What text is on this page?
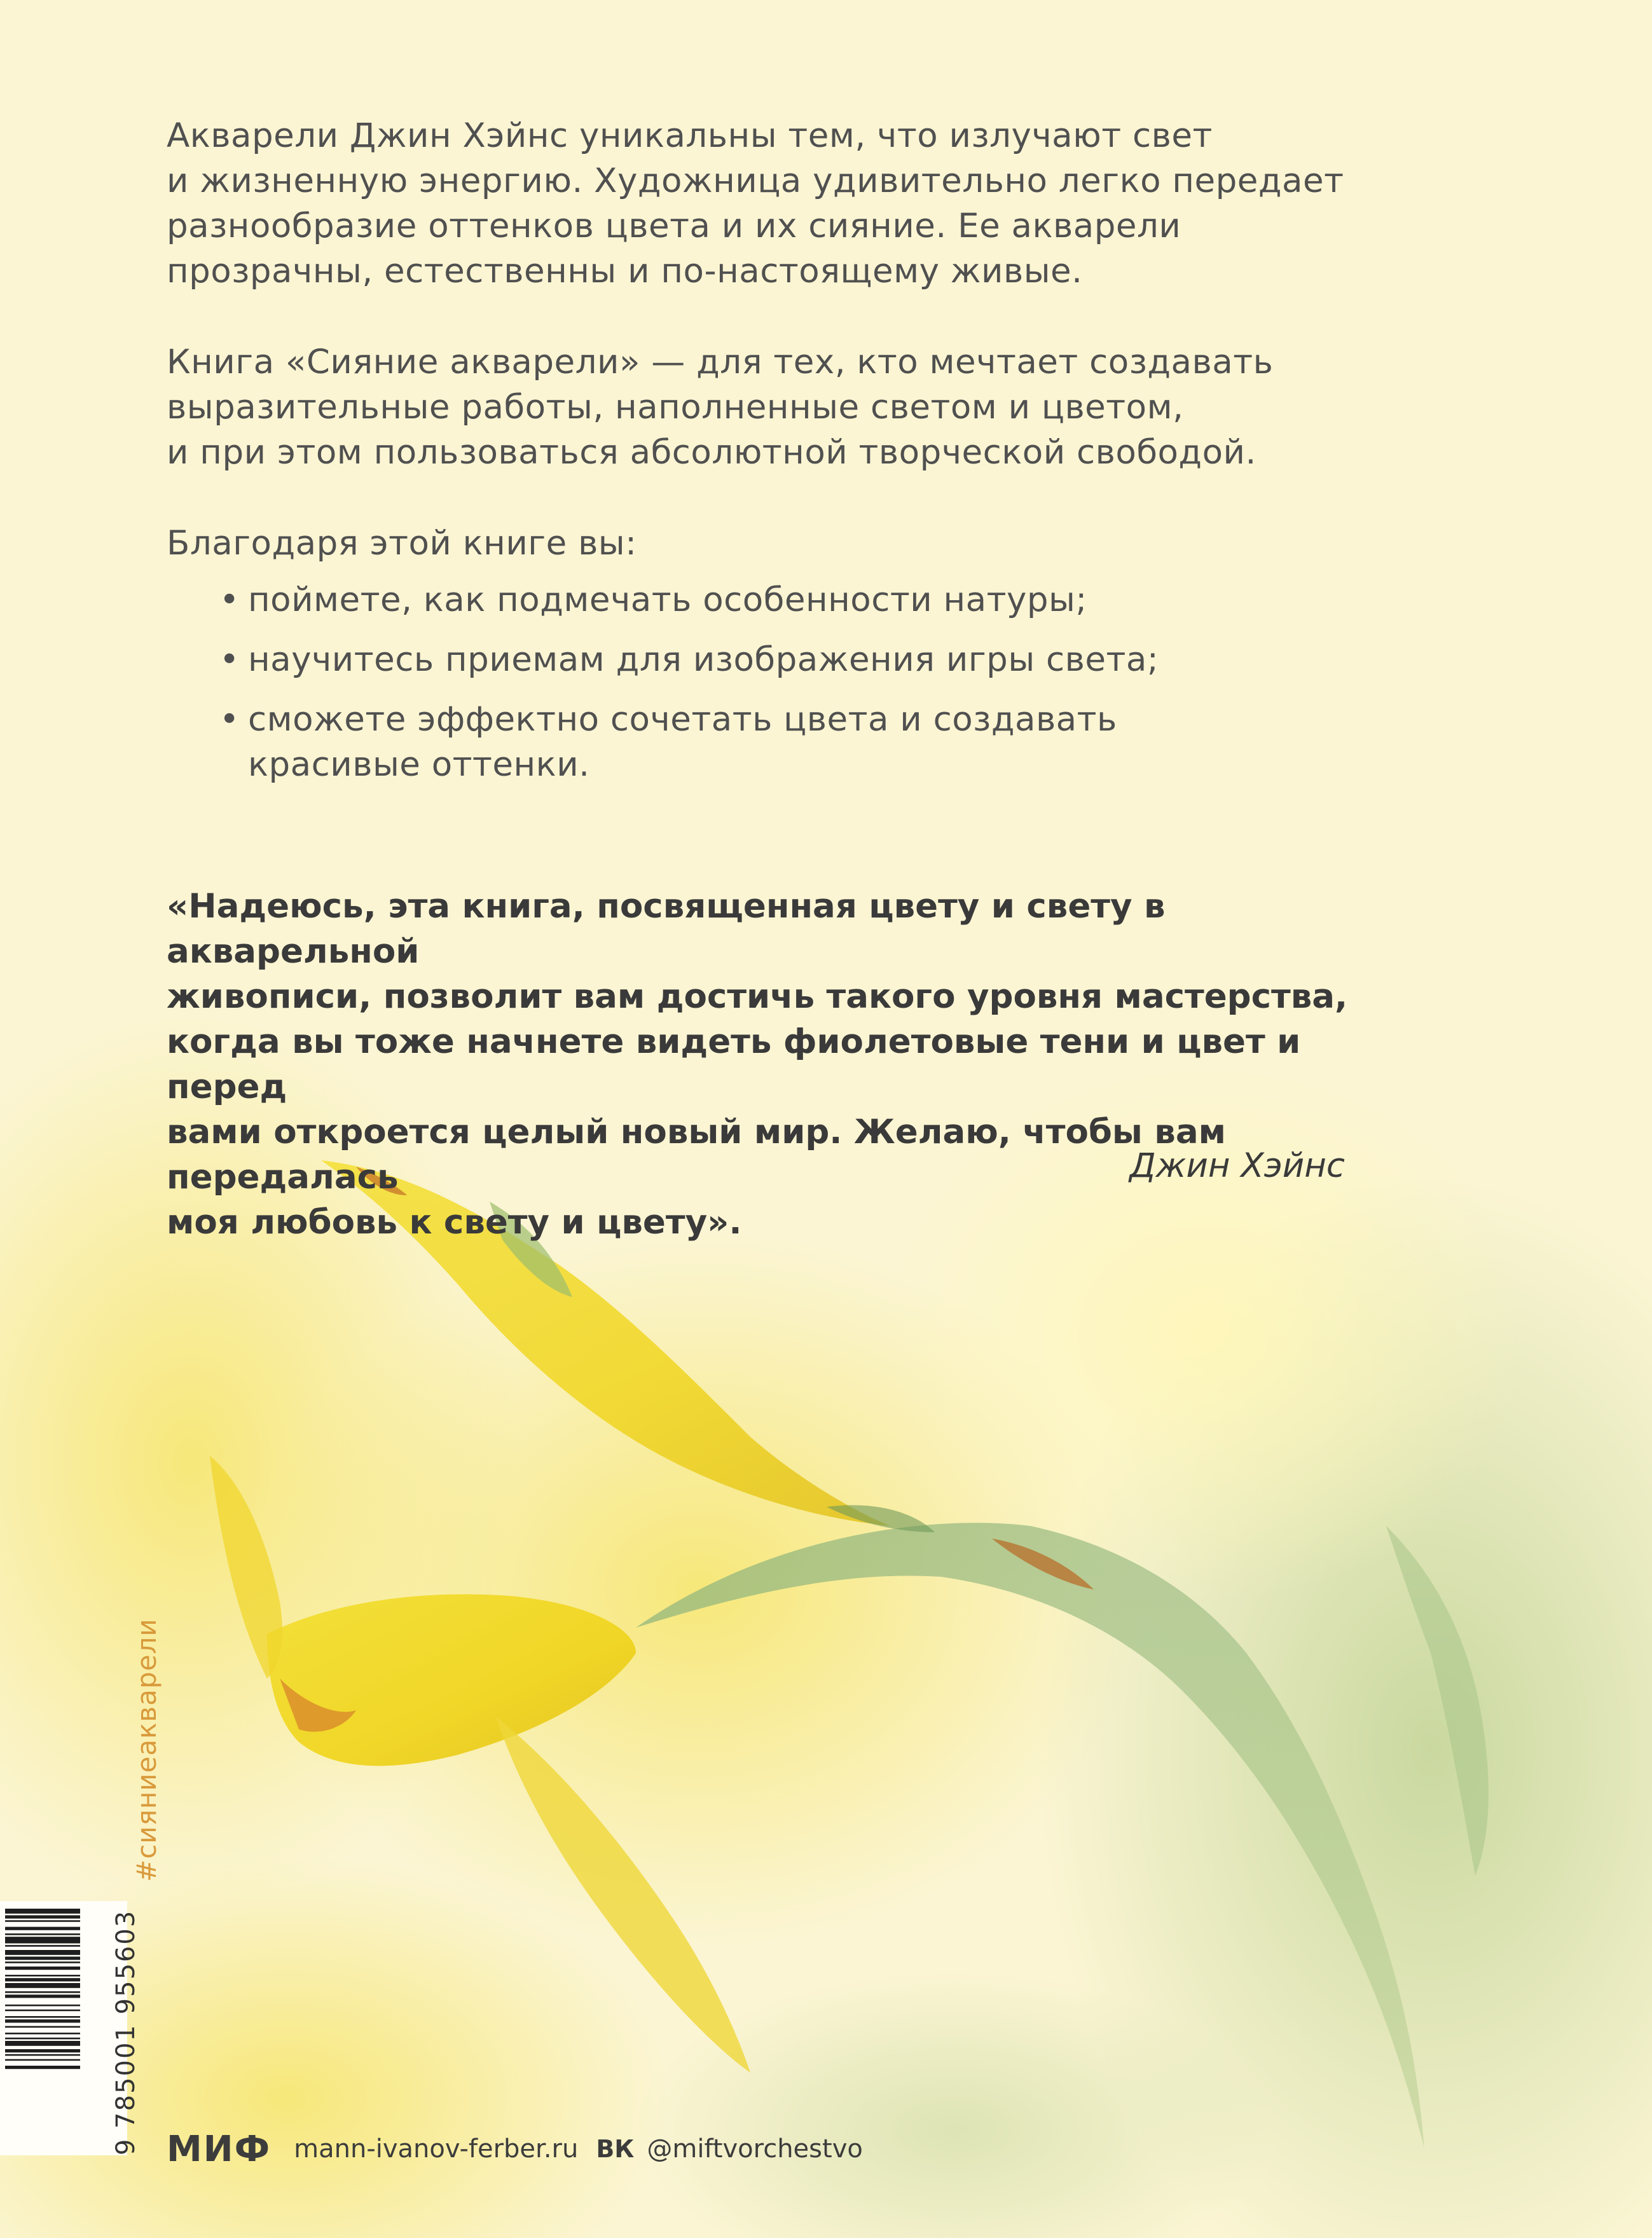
Акварели Джин Хэйнс уникальны тем, что излучают свет
и жизненную энергию. Художница удивительно легко передает
разнообразие оттенков цвета и их сияние. Ее акварели
прозрачны, естественны и по-настоящему живые.

Книга «Сияние акварели» — для тех, кто мечтает создавать
выразительные работы, наполненные светом и цветом,
и при этом пользоваться абсолютной творческой свободой.

Благодаря этой книге вы:

• поймете, как подмечать особенности натуры;
• научитесь приемам для изображения игры света;
• сможете эффектно сочетать цвета и создавать
красивые оттенки.
«Надеюсь, эта книга, посвященная цвету и свету в акварельной
живописи, позволит вам достичь такого уровня мастерства,
когда вы тоже начнете видеть фиолетовые тени и цвет и перед
вами откроется целый новый мир. Желаю, чтобы вам передалась
моя любовь к свету и цвету».
Джин Хэйнс
#сияниеакварели
9 785001 955603 МИФ mann-ivanov-ferber.ru ВК @miftvorchestvo
